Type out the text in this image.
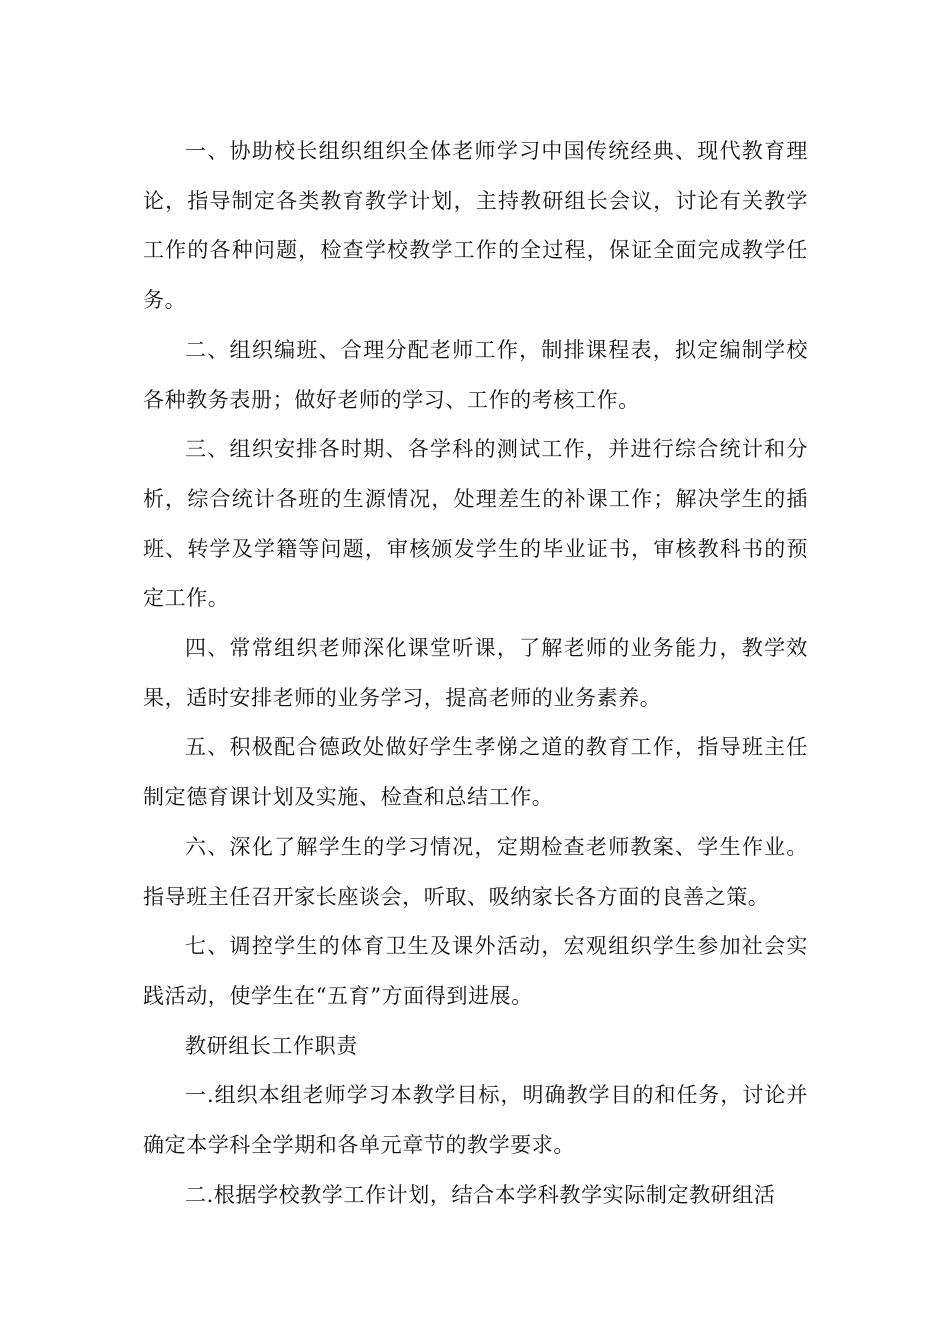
一、协助校长组织组织全体老师学习中国传统经典、现代教育理论，指导制定各类教育教学计划，主持教研组长会议，讨论有关教学工作的各种问题，检查学校教学工作的全过程，保证全面完成教学任务。

二、组织编班、合理分配老师工作，制排课程表，拟定编制学校各种教务表册；做好老师的学习、工作的考核工作。

三、组织安排各时期、各学科的测试工作，并进行综合统计和分析，综合统计各班的生源情况，处理差生的补课工作；解决学生的插班、转学及学籍等问题，审核颁发学生的毕业证书，审核教科书的预定工作。

四、常常组织老师深化课堂听课，了解老师的业务能力，教学效果，适时安排老师的业务学习，提高老师的业务素养。

五、积极配合德政处做好学生孝悌之道的教育工作，指导班主任制定德育课计划及实施、检查和总结工作。

六、深化了解学生的学习情况，定期检查老师教案、学生作业。指导班主任召开家长座谈会，听取、吸纳家长各方面的良善之策。

七、调控学生的体育卫生及课外活动，宏观组织学生参加社会实践活动，使学生在“五育”方面得到进展。

教研组长工作职责

一.组织本组老师学习本教学目标，明确教学目的和任务，讨论并确定本学科全学期和各单元章节的教学要求。

二.根据学校教学工作计划，结合本学科教学实际制定教研组活
